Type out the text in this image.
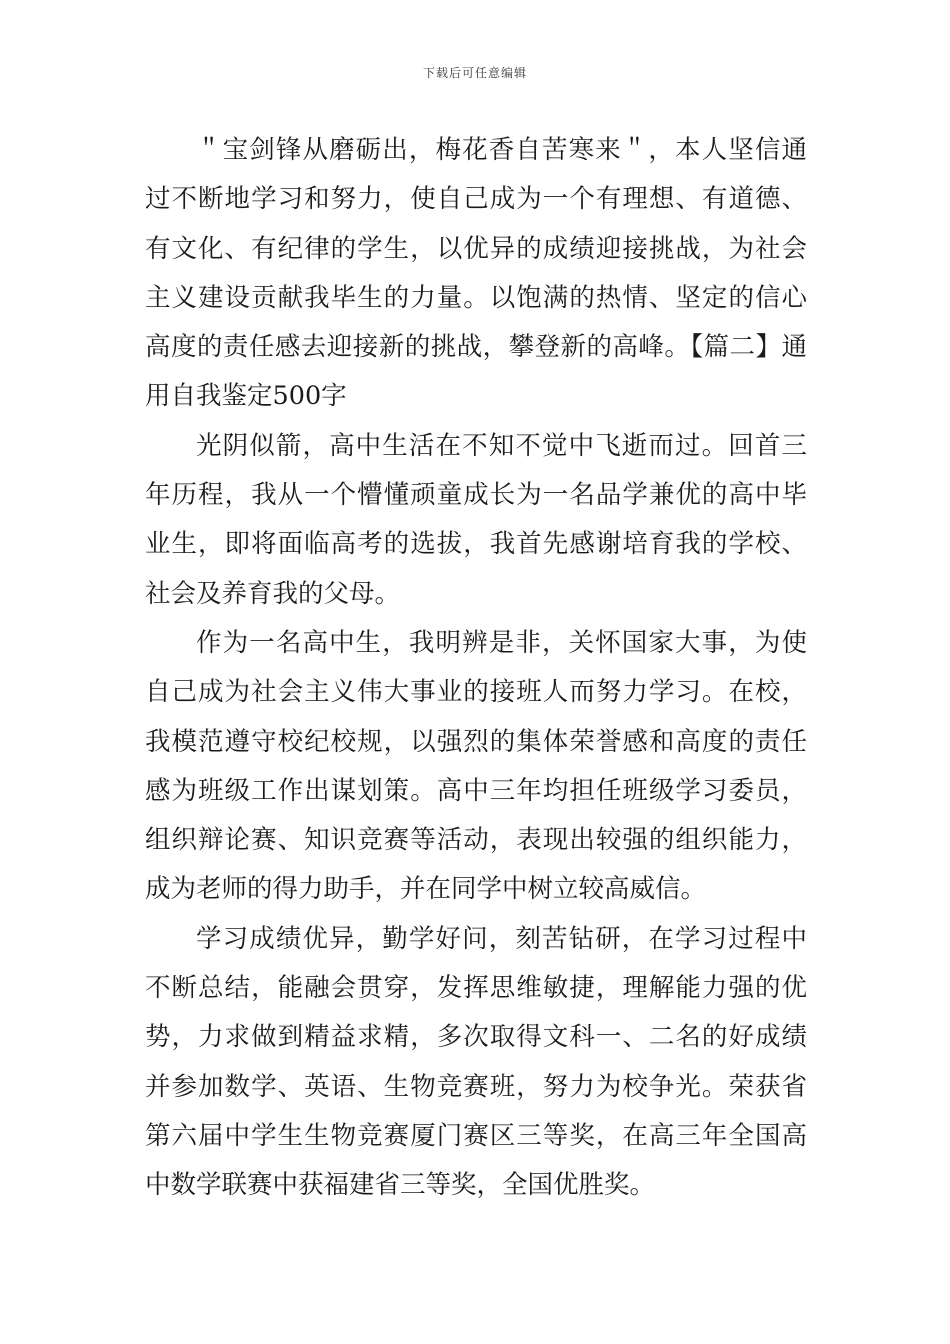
下载后可任意编辑

＂宝剑锋从磨砺出，梅花香自苦寒来＂，本人坚信通过不断地学习和努力，使自己成为一个有理想、有道德、有文化、有纪律的学生，以优异的成绩迎接挑战，为社会主义建设贡献我毕生的力量。以饱满的热情、坚定的信心高度的责任感去迎接新的挑战，攀登新的高峰。【篇二】通用自我鉴定500字

光阴似箭，高中生活在不知不觉中飞逝而过。回首三年历程，我从一个懵懂顽童成长为一名品学兼优的高中毕业生，即将面临高考的选拔，我首先感谢培育我的学校、社会及养育我的父母。

作为一名高中生，我明辨是非，关怀国家大事，为使自己成为社会主义伟大事业的接班人而努力学习。在校，我模范遵守校纪校规，以强烈的集体荣誉感和高度的责任感为班级工作出谋划策。高中三年均担任班级学习委员，组织辩论赛、知识竞赛等活动，表现出较强的组织能力，成为老师的得力助手，并在同学中树立较高威信。

学习成绩优异，勤学好问，刻苦钻研，在学习过程中不断总结，能融会贯穿，发挥思维敏捷，理解能力强的优势，力求做到精益求精，多次取得文科一、二名的好成绩并参加数学、英语、生物竞赛班，努力为校争光。荣获省第六届中学生生物竞赛厦门赛区三等奖，在高三年全国高中数学联赛中获福建省三等奖，全国优胜奖。
